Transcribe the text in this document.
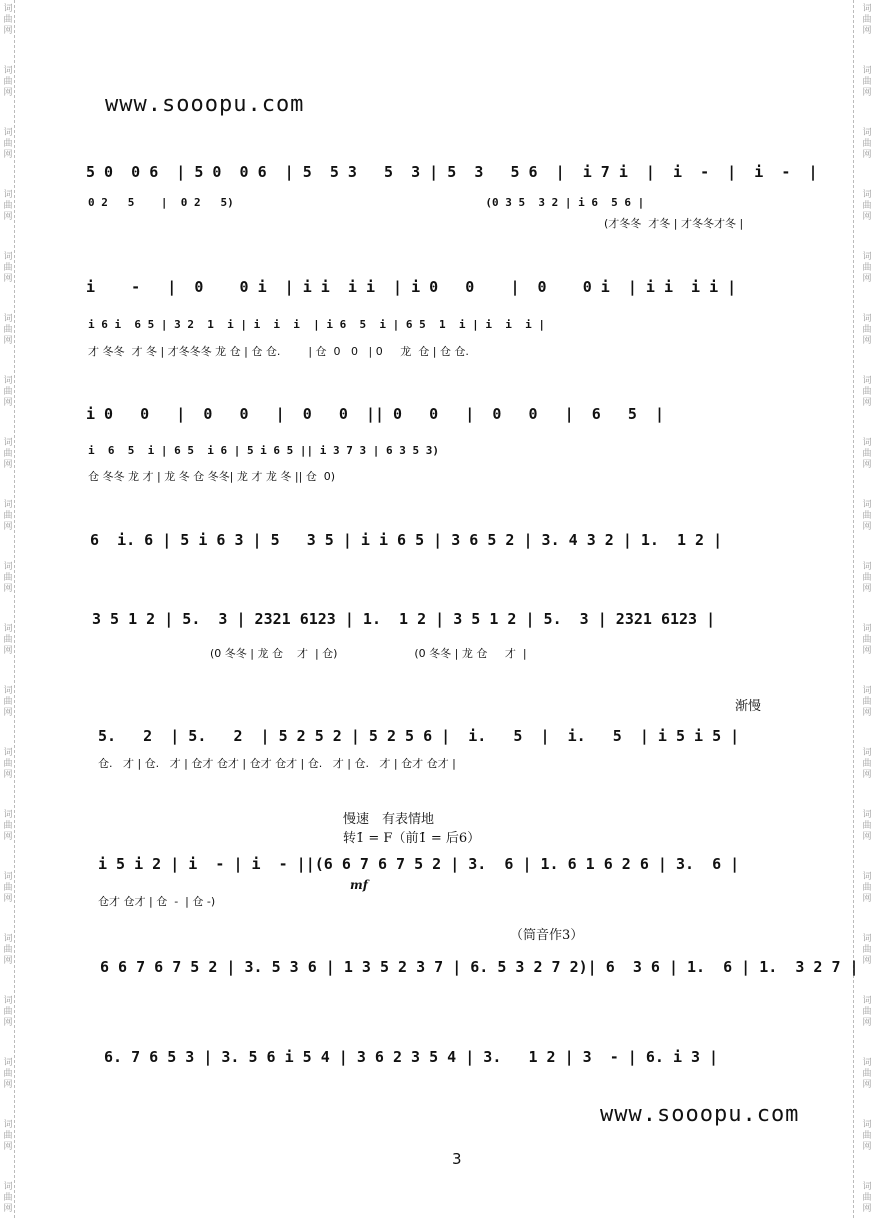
词
曲
网
词
曲
网
词
曲
网
词
曲
网
词
曲
网
词
曲
网
词
曲
网
词
曲
网
词
曲
网
词
曲
网
词
曲
网
词
曲
网
词
曲
网
词
曲
网
词
曲
网
词
曲
网
词
曲
网
词
曲
网
词
曲
网
词
曲
网
词
曲
网
词
曲
网
词
曲
网
词
曲
网
词
曲
网
词
曲
网
词
曲
网
词
曲
网
词
曲
网
词
曲
网
词
曲
网
词
曲
网
词
曲
网
词
曲
网
词
曲
网
词
曲
网
词
曲
网
词
曲
网
词
曲
网
词
曲
网
www.sooopu.com
5 0  0 6  | 5 0  0 6  | 5  5 3   5  3 | 5  3   5 6  |  i 7 i  |  i  -  |  i  -  |
0 2   5    |  0 2   5)                                      (0 3 5  3 2 | i 6  5 6 |
(才冬冬  才冬 | 才冬冬才冬 |
i    -   |  0    0 i  | i i  i i  | i 0   0    |  0    0 i  | i i  i i |
i 6 i  6 5 | 3 2  1  i | i  i  i  | i 6  5  i | 6 5  1  i | i  i  i |
才 冬冬  才 冬 | 才冬冬冬 龙 仓 | 仓 仓.        | 仓  0   0   | 0     龙  仓 | 仓 仓.
i 0   0   |  0   0   |  0   0  || 0   0   |  0   0   |  6   5  |
i  6  5  i | 6 5  i 6 | 5 i 6 5 || i 3 7 3 | 6 3 5 3)
仓 冬冬 龙 才 | 龙 冬 仓 冬冬| 龙 才 龙 冬 || 仓  0)
6  i. 6 | 5 i 6 3 | 5   3 5 | i i 6 5 | 3 6 5 2 | 3. 4 3 2 | 1.  1 2 |
3 5 1 2 | 5.  3 | 2321 6123 | 1.  1 2 | 3 5 1 2 | 5.  3 | 2321 6123 |
(0 冬冬 | 龙 仓    才  | 仓)                      (0 冬冬 | 龙 仓     才  |
渐慢
5.   2  | 5.   2  | 5 2 5 2 | 5 2 5 6 |  i.   5  |  i.   5  | i 5 i 5 |
仓.   才 | 仓.   才 | 仓才 仓才 | 仓才 仓才 | 仓.   才 | 仓.   才 | 仓才 仓才 |
慢速　有表情地
转1̇ = F（前1̇ = 后6）
i 5 i 2 | i  - | i  - ||(6 6 7 6 7 5 2 | 3.  6 | 1. 6 1 6 2 6 | 3.  6 |
mf
仓才 仓才 | 仓  -  | 仓 -)
（筒音作3）
6 6 7 6 7 5 2 | 3. 5 3 6 | 1 3 5 2 3 7 | 6. 5 3 2 7 2)| 6  3 6 | 1.  6 | 1.  3 2 7 |
6. 7 6 5 3 | 3. 5 6 i 5 4 | 3 6 2 3 5 4 | 3.   1 2 | 3  - | 6. i 3 |
www.sooopu.com
3
